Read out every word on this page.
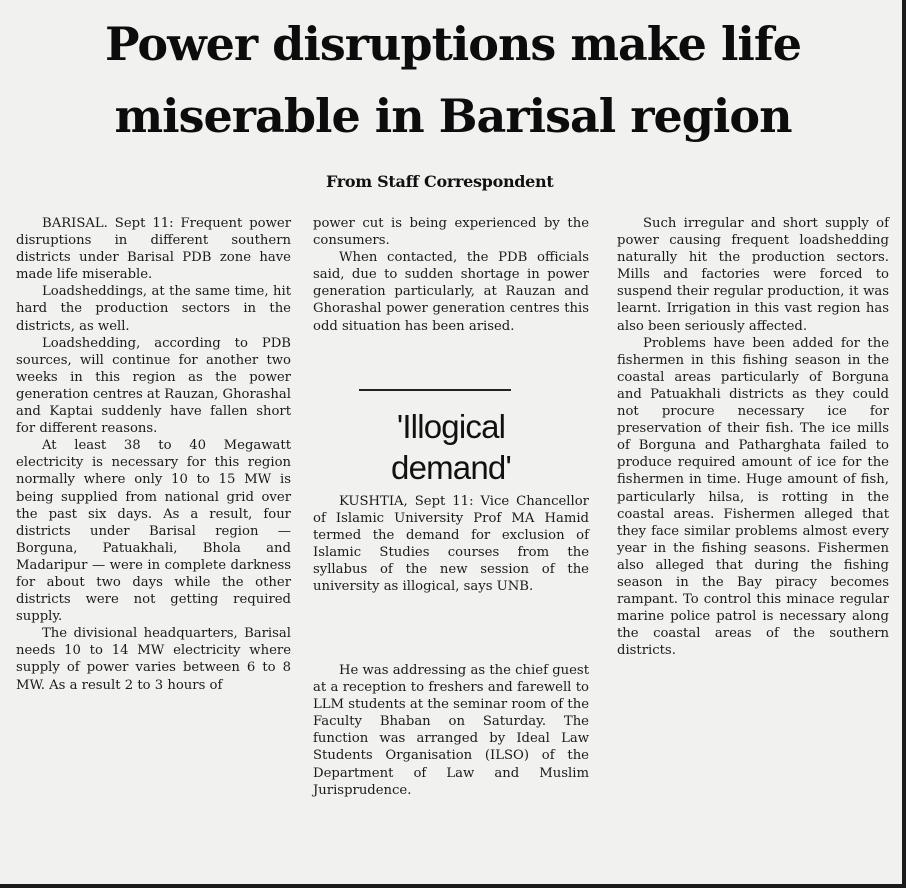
Power disruptions make life
miserable in Barisal region
From Staff Correspondent

BARISAL. Sept 11: Frequent power disruptions in different southern districts under Barisal PDB zone have made life miserable.

Loadsheddings, at the same time, hit hard the production sectors in the districts, as well.

Loadshedding, according to PDB sources, will continue for another two weeks in this region as the power generation centres at Rauzan, Ghorashal and Kaptai suddenly have fallen short for different reasons.

At least 38 to 40 Megawatt electricity is necessary for this region normally where only 10 to 15 MW is being supplied from national grid over the past six days. As a result, four districts under Barisal region — Borguna, Patuakhali, Bhola and Madaripur — were in complete darkness for about two days while the other districts were not getting required supply.

The divisional headquarters, Barisal needs 10 to 14 MW electricity where supply of power varies between 6 to 8 MW. As a result 2 to 3 hours of

power cut is being experienced by the consumers.

When contacted, the PDB officials said, due to sudden shortage in power generation particularly, at Rauzan and Ghorashal power generation centres this odd situation has been arised.

'Illogical
demand'

KUSHTIA, Sept 11: Vice Chancellor of Islamic University Prof MA Hamid termed the demand for exclusion of Islamic Studies courses from the syllabus of the new session of the university as illogical, says UNB.

He was addressing as the chief guest at a reception to freshers and farewell to LLM students at the seminar room of the Faculty Bhaban on Saturday. The function was arranged by Ideal Law Students Organisation (ILSO) of the Department of Law and Muslim Jurisprudence.

Such irregular and short supply of power causing frequent loadshedding naturally hit the production sectors. Mills and factories were forced to suspend their regular production, it was learnt. Irrigation in this vast region has also been seriously affected.

Problems have been added for the fishermen in this fishing season in the coastal areas particularly of Borguna and Patuakhali districts as they could not procure necessary ice for preservation of their fish. The ice mills of Borguna and Patharghata failed to produce required amount of ice for the fishermen in time. Huge amount of fish, particularly hilsa, is rotting in the coastal areas. Fishermen alleged that they face similar problems almost every year in the fishing seasons. Fishermen also alleged that during the fishing season in the Bay piracy becomes rampant. To control this minace regular marine police patrol is necessary along the coastal areas of the southern districts.
